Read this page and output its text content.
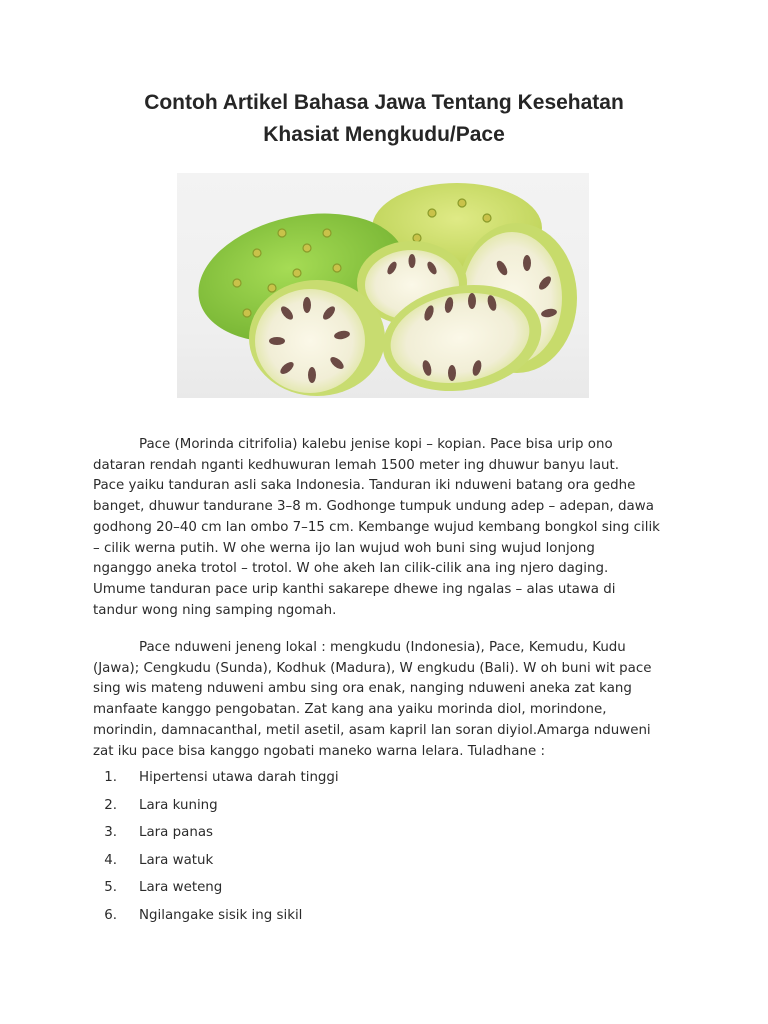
Contoh Artikel Bahasa Jawa Tentang Kesehatan
Khasiat Mengkudu/Pace
Pace (Morinda citrifolia) kalebu jenise kopi – kopian. Pace bisa urip ono
dataran rendah nganti kedhuwuran lemah 1500 meter ing dhuwur banyu laut.
Pace yaiku tanduran asli saka Indonesia. Tanduran iki nduweni batang ora gedhe
banget, dhuwur tandurane 3–8 m. Godhonge tumpuk undung adep – adepan, dawa
godhong 20–40 cm lan ombo 7–15 cm. Kembange wujud kembang bongkol sing cilik
– cilik werna putih. W ohe werna ijo lan wujud woh buni sing wujud lonjong
nganggo aneka trotol – trotol. W ohe akeh lan cilik-cilik ana ing njero daging.
Umume tanduran pace urip kanthi sakarepe dhewe ing ngalas – alas utawa di
tandur wong ning samping ngomah.
Pace nduweni jeneng lokal : mengkudu (Indonesia), Pace, Kemudu, Kudu
(Jawa); Cengkudu (Sunda), Kodhuk (Madura), W engkudu (Bali). W oh buni wit pace
sing wis mateng nduweni ambu sing ora enak, nanging nduweni aneka zat kang
manfaate kanggo pengobatan. Zat kang ana yaiku morinda diol, morindone,
morindin, damnacanthal, metil asetil, asam kapril lan soran diyiol.Amarga nduweni
zat iku pace bisa kanggo ngobati maneko warna lelara. Tuladhane :
1. Hipertensi utawa darah tinggi
2. Lara kuning
3. Lara panas
4. Lara watuk
5. Lara weteng
6. Ngilangake sisik ing sikil
